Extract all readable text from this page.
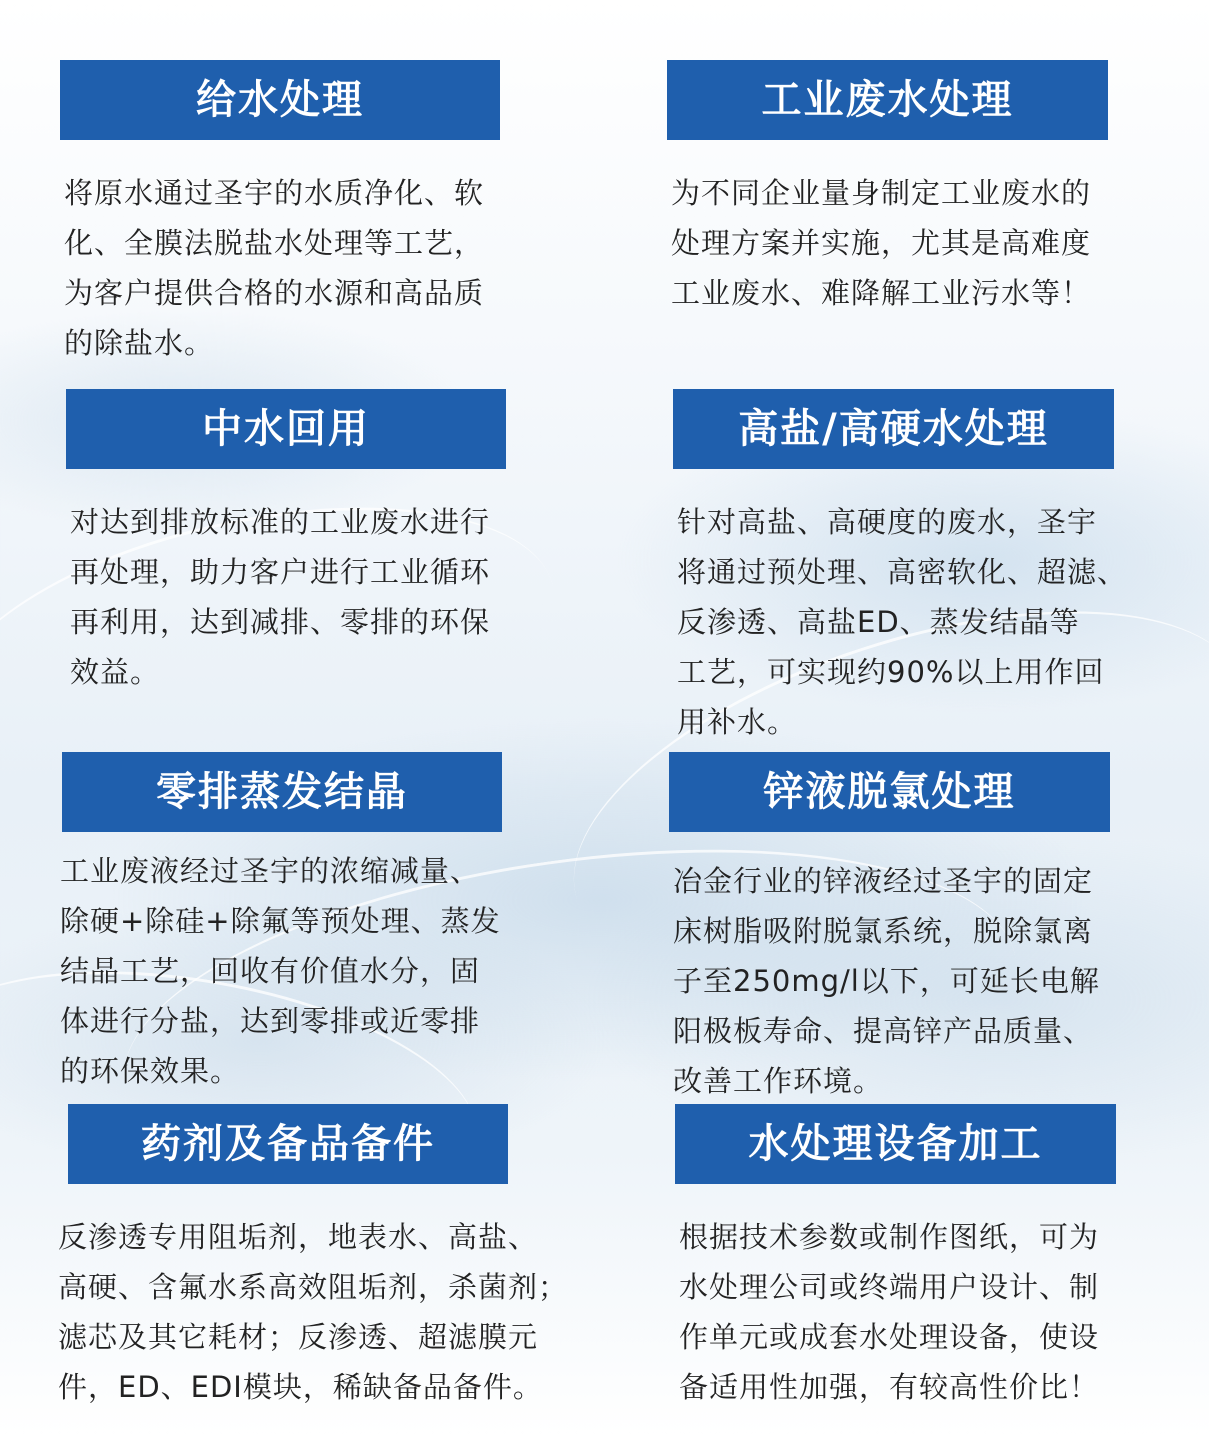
给水处理

将原水通过圣宇的水质净化、软
化、全膜法脱盐水处理等工艺，
为客户提供合格的水源和高品质
的除盐水。

工业废水处理

为不同企业量身制定工业废水的
处理方案并实施，尤其是高难度
工业废水、难降解工业污水等！

中水回用

对达到排放标准的工业废水进行
再处理，助力客户进行工业循环
再利用，达到减排、零排的环保
效益。

高盐/高硬水处理

针对高盐、高硬度的废水，圣宇
将通过预处理、高密软化、超滤、
反渗透、高盐ED、蒸发结晶等
工艺，可实现约90%以上用作回
用补水。

零排蒸发结晶

工业废液经过圣宇的浓缩减量、
除硬+除硅+除氟等预处理、蒸发
结晶工艺，回收有价值水分，固
体进行分盐，达到零排或近零排
的环保效果。

锌液脱氯处理

冶金行业的锌液经过圣宇的固定
床树脂吸附脱氯系统，脱除氯离
子至250mg/l以下，可延长电解
阳极板寿命、提高锌产品质量、
改善工作环境。

药剂及备品备件

反渗透专用阻垢剂，地表水、高盐、
高硬、含氟水系高效阻垢剂，杀菌剂；
滤芯及其它耗材；反渗透、超滤膜元
件，ED、EDI模块，稀缺备品备件。

水处理设备加工

根据技术参数或制作图纸，可为
水处理公司或终端用户设计、制
作单元或成套水处理设备，使设
备适用性加强，有较高性价比！
